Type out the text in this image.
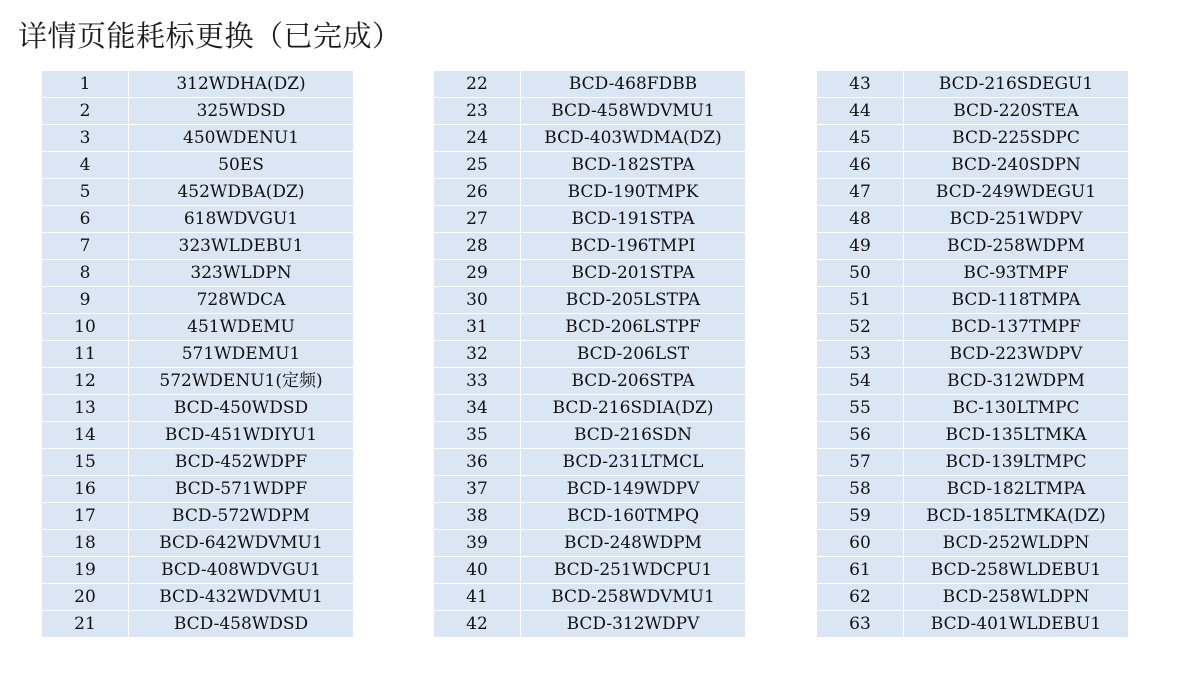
详情页能耗标更换（已完成）
1	312WDHA(DZ)
2	325WDSD
3	450WDENU1
4	50ES
5	452WDBA(DZ)
6	618WDVGU1
7	323WLDEBU1
8	323WLDPN
9	728WDCA
10	451WDEMU
11	571WDEMU1
12	572WDENU1(定频)
13	BCD-450WDSD
14	BCD-451WDIYU1
15	BCD-452WDPF
16	BCD-571WDPF
17	BCD-572WDPM
18	BCD-642WDVMU1
19	BCD-408WDVGU1
20	BCD-432WDVMU1
21	BCD-458WDSD
22	BCD-468FDBB
23	BCD-458WDVMU1
24	BCD-403WDMA(DZ)
25	BCD-182STPA
26	BCD-190TMPK
27	BCD-191STPA
28	BCD-196TMPI
29	BCD-201STPA
30	BCD-205LSTPA
31	BCD-206LSTPF
32	BCD-206LST
33	BCD-206STPA
34	BCD-216SDIA(DZ)
35	BCD-216SDN
36	BCD-231LTMCL
37	BCD-149WDPV
38	BCD-160TMPQ
39	BCD-248WDPM
40	BCD-251WDCPU1
41	BCD-258WDVMU1
42	BCD-312WDPV
43	BCD-216SDEGU1
44	BCD-220STEA
45	BCD-225SDPC
46	BCD-240SDPN
47	BCD-249WDEGU1
48	BCD-251WDPV
49	BCD-258WDPM
50	BC-93TMPF
51	BCD-118TMPA
52	BCD-137TMPF
53	BCD-223WDPV
54	BCD-312WDPM
55	BC-130LTMPC
56	BCD-135LTMKA
57	BCD-139LTMPC
58	BCD-182LTMPA
59	BCD-185LTMKA(DZ)
60	BCD-252WLDPN
61	BCD-258WLDEBU1
62	BCD-258WLDPN
63	BCD-401WLDEBU1
